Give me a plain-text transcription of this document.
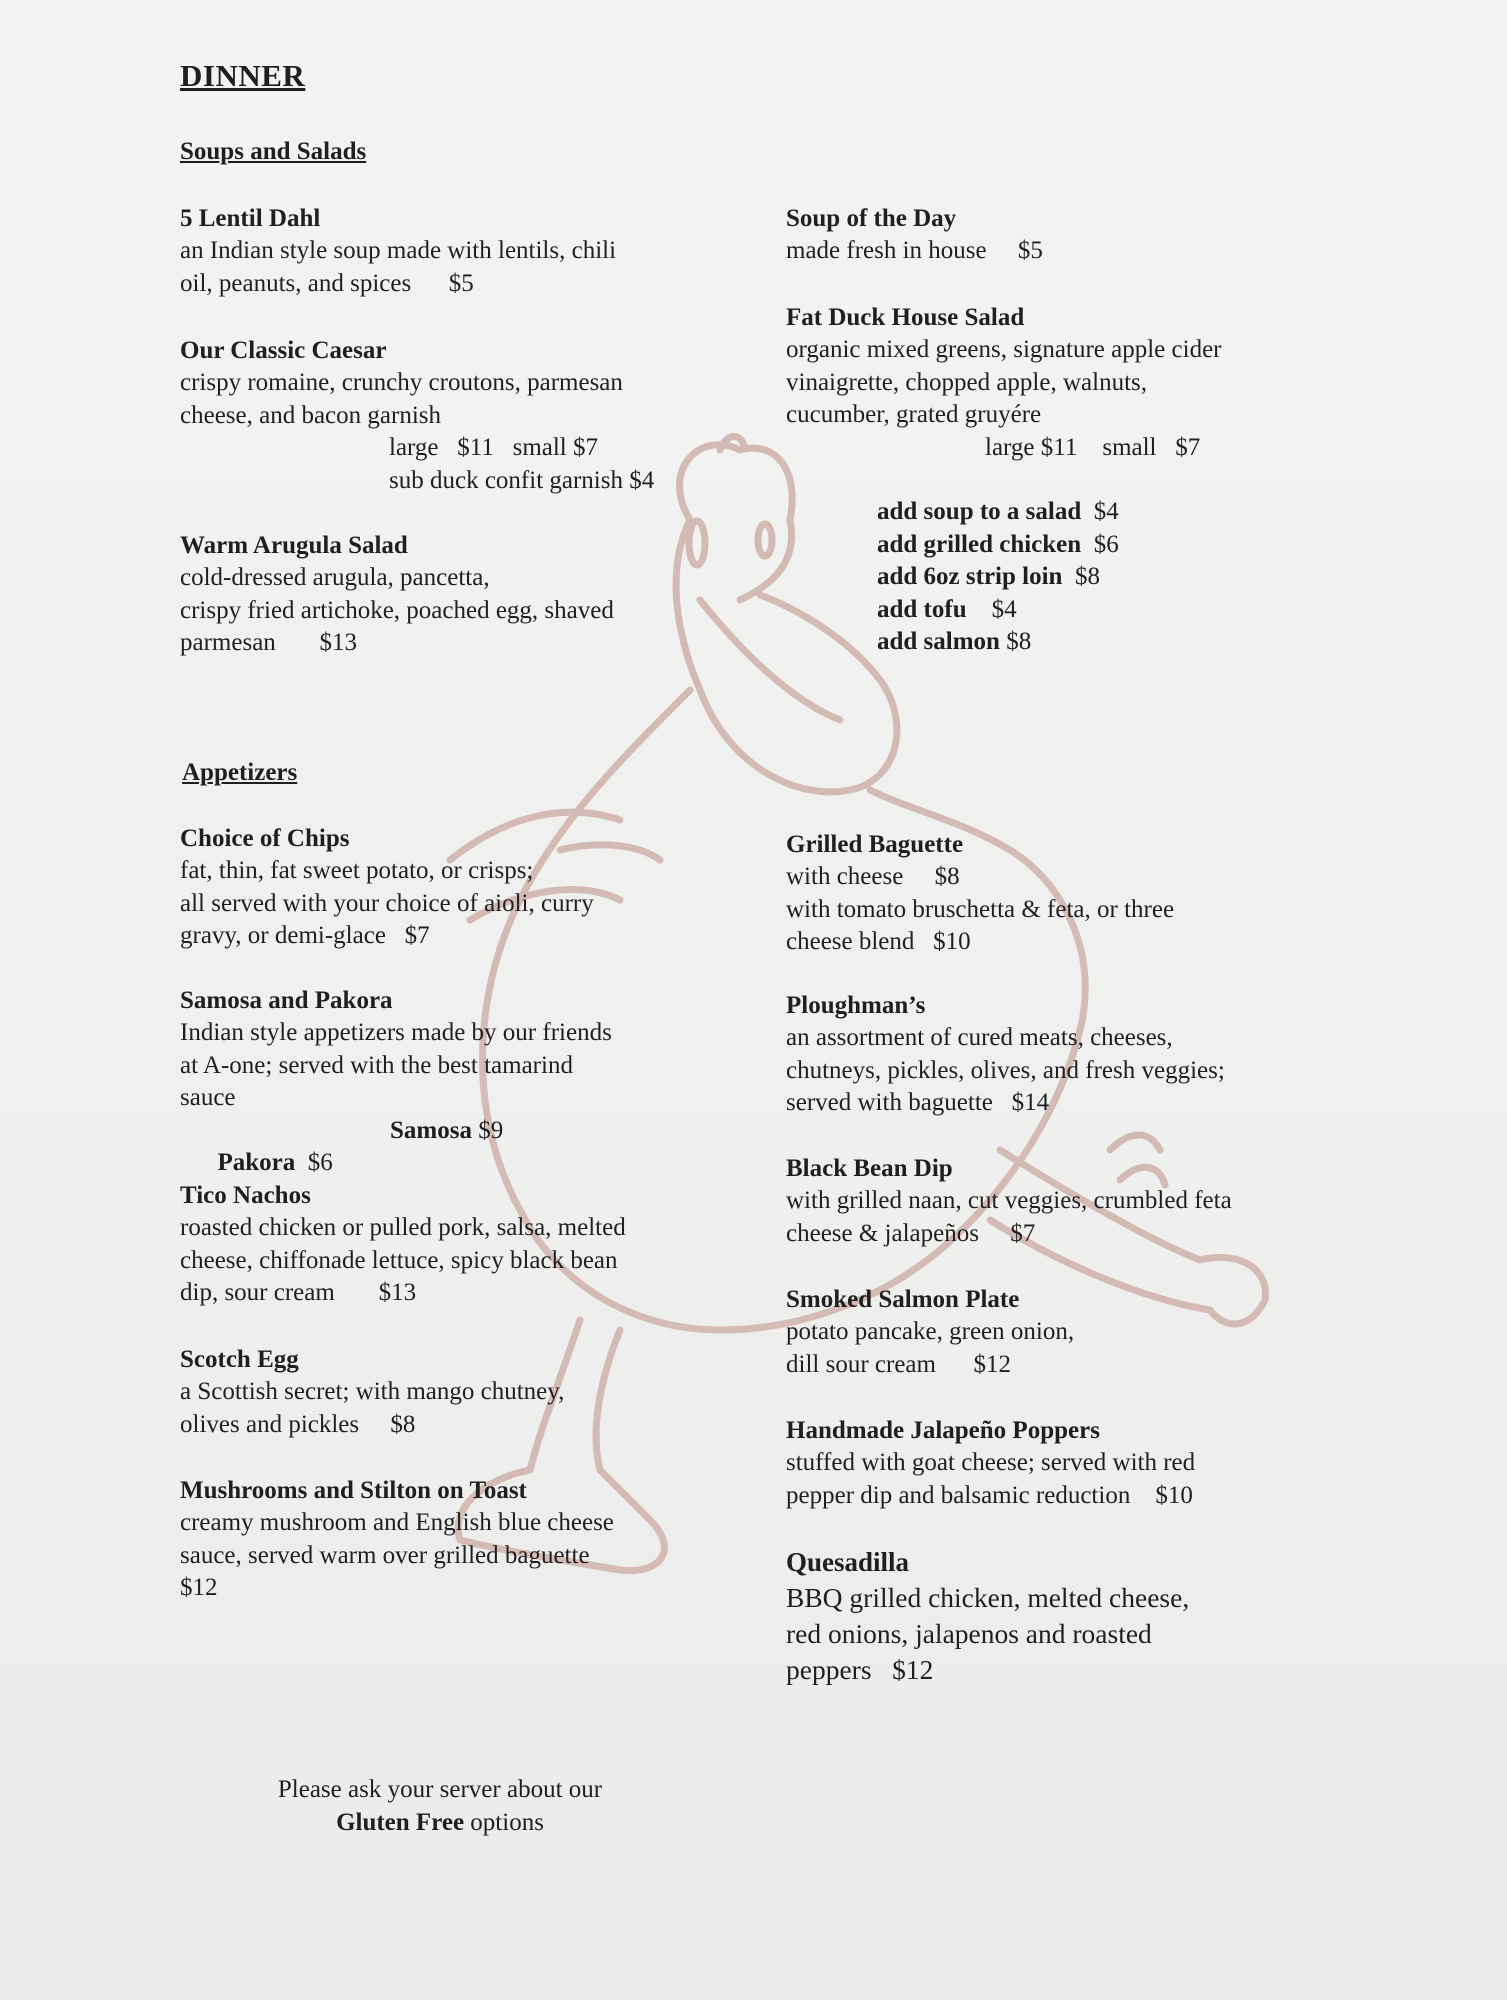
DINNER
Soups and Salads
5 Lentil Dahl
an Indian style soup made with lentils, chili
oil, peanuts, and spices $5
Our Classic Caesar
crispy romaine, crunchy croutons, parmesan
cheese, and bacon garnish
large   $11   small $7
sub duck confit garnish $4
Warm Arugula Salad
cold-dressed arugula, pancetta,
crispy fried artichoke, poached egg, shaved
parmesan $13
Soup of the Day
made fresh in house $5
Fat Duck House Salad
organic mixed greens, signature apple cider
vinaigrette, chopped apple, walnuts,
cucumber, grated gruyére
large $11    small   $7
add soup to a salad $4
add grilled chicken $6
add 6oz strip loin $8
add tofu $4
add salmon $8
Appetizers
Choice of Chips
fat, thin, fat sweet potato, or crisps;
all served with your choice of aioli, curry
gravy, or demi-glace $7
Samosa and Pakora
Indian style appetizers made by our friends
at A-one; served with the best tamarind
sauce

Pakora $6

Samosa $9

Tico Nachos
roasted chicken or pulled pork, salsa, melted
cheese, chiffonade lettuce, spicy black bean
dip, sour cream $13
Scotch Egg
a Scottish secret; with mango chutney,
olives and pickles $8
Mushrooms and Stilton on Toast
creamy mushroom and English blue cheese
sauce, served warm over grilled baguette
$12
Grilled Baguette
with cheese $8
with tomato bruschetta & feta, or three
cheese blend $10
Ploughman’s
an assortment of cured meats, cheeses,
chutneys, pickles, olives, and fresh veggies;
served with baguette $14
Black Bean Dip
with grilled naan, cut veggies, crumbled feta
cheese & jalapeños $7
Smoked Salmon Plate
potato pancake, green onion,
dill sour cream $12
Handmade Jalapeño Poppers
stuffed with goat cheese; served with red
pepper dip and balsamic reduction $10
Quesadilla
BBQ grilled chicken, melted cheese,
red onions, jalapenos and roasted
peppers $12
Please ask your server about our
Gluten Free options
